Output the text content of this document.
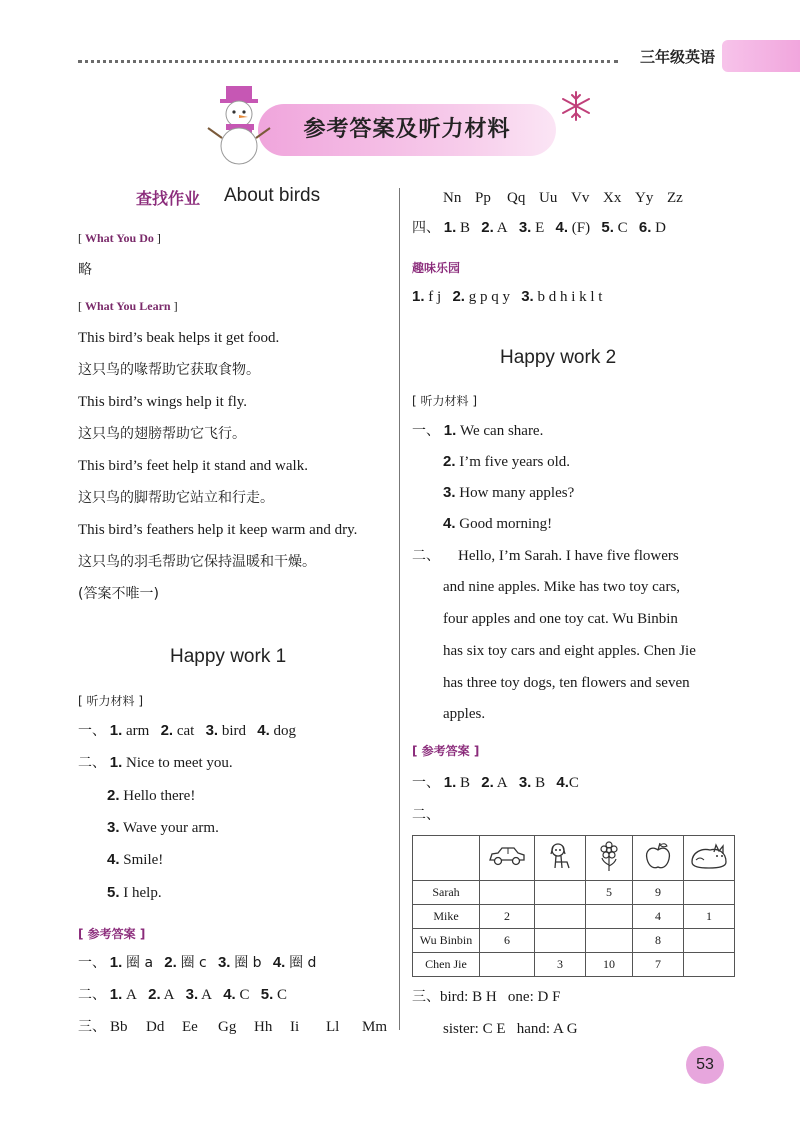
三年级英语
参考答案及听力材料
查找作业 About birds
[ What You Do ]
略
[ What You Learn ]
This bird’s beak helps it get food.
这只鸟的喙帮助它获取食物。
This bird’s wings help it fly.
这只鸟的翅膀帮助它飞行。
This bird’s feet help it stand and walk.
这只鸟的脚帮助它站立和行走。
This bird’s feathers help it keep warm and dry.
这只鸟的羽毛帮助它保持温暖和干燥。
(答案不唯一)
Happy work 1
[ 听力材料 ]
一、 1. arm 2. cat 3. bird 4. dog
二、 1. Nice to meet you.
2. Hello there!
3. Wave your arm.
4. Smile!
5. I help.
[ 参考答案 ]
一、 1. 圈 a 2. 圈 c 3. 圈 b 4. 圈 d
二、 1. A 2. A 3. A 4. C 5. C
三、 Bb Dd Ee Gg Hh Ii Ll Mm
Nn Pp Qq Uu Vv Xx Yy Zz
四、 1. B 2. A 3. E 4. (F) 5. C 6. D
趣味乐园
1. f j 2. g p q y 3. b d h i k l t
Happy work 2
[ 听力材料 ]
一、 1. We can share.
2. I’m five years old.
3. How many apples?
4. Good morning!
二、 Hello, I’m Sarah. I have five flowers
and nine apples. Mike has two toy cars,
four apples and one toy cat. Wu Binbin
has six toy cars and eight apples. Chen Jie
has three toy dogs, ten flowers and seven
apples.
[ 参考答案 ]
一、 1. B 2. A 3. B 4.C
二、

Sarah			5	9	
Mike	2			4	1
Wu Binbin	6			8	
Chen Jie		3	10	7	
三、bird: B H   one: D F
sister: C E   hand: A G
53
